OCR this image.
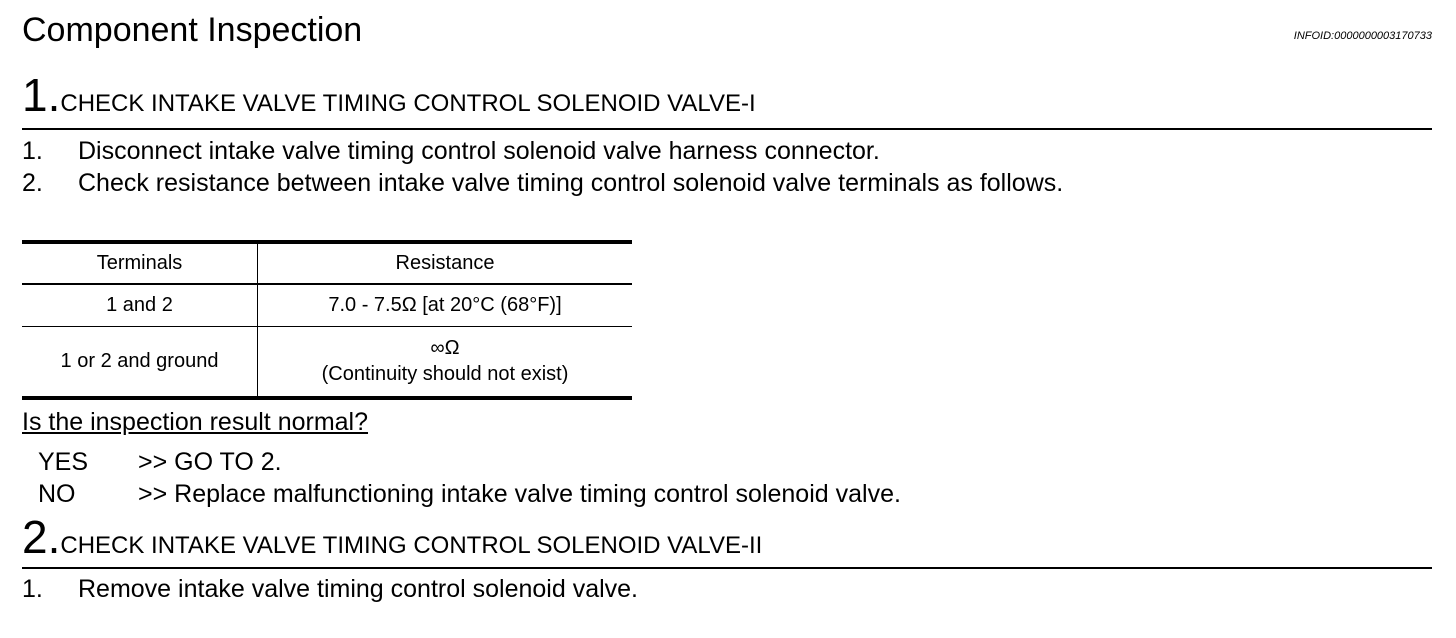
Component Inspection	INFOID:0000000003170733
1.CHECK INTAKE VALVE TIMING CONTROL SOLENOID VALVE-I
1. Disconnect intake valve timing control solenoid valve harness connector.
2. Check resistance between intake valve timing control solenoid valve terminals as follows.
Terminals	Resistance
1 and 2	7.0 - 7.5Ω [at 20°C (68°F)]
1 or 2 and ground	∞Ω
(Continuity should not exist)
Is the inspection result normal?
YES >> GO TO 2.
NO	>> Replace malfunctioning intake valve timing control solenoid valve.
2.CHECK INTAKE VALVE TIMING CONTROL SOLENOID VALVE-II
1. Remove intake valve timing control solenoid valve.
